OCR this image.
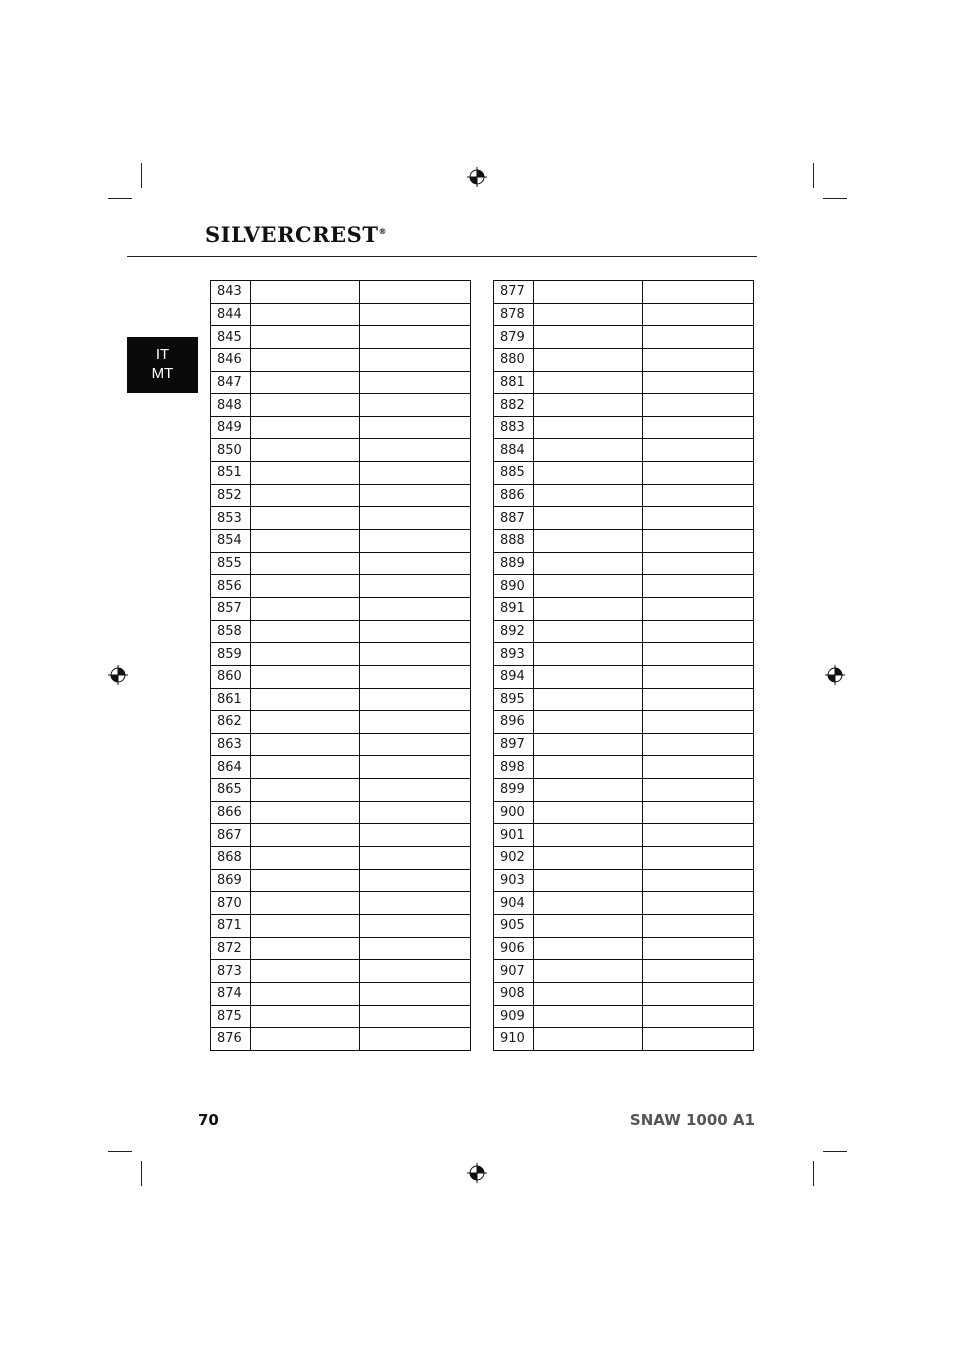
SILVERCREST®
IT
MT
843		
844		
845		
846		
847		
848		
849		
850		
851		
852		
853		
854		
855		
856		
857		
858		
859		
860		
861		
862		
863		
864		
865		
866		
867		
868		
869		
870		
871		
872		
873		
874		
875		
876		
877		
878		
879		
880		
881		
882		
883		
884		
885		
886		
887		
888		
889		
890		
891		
892		
893		
894		
895		
896		
897		
898		
899		
900		
901		
902		
903		
904		
905		
906		
907		
908		
909		
910		
70	SNAW 1000 A1
